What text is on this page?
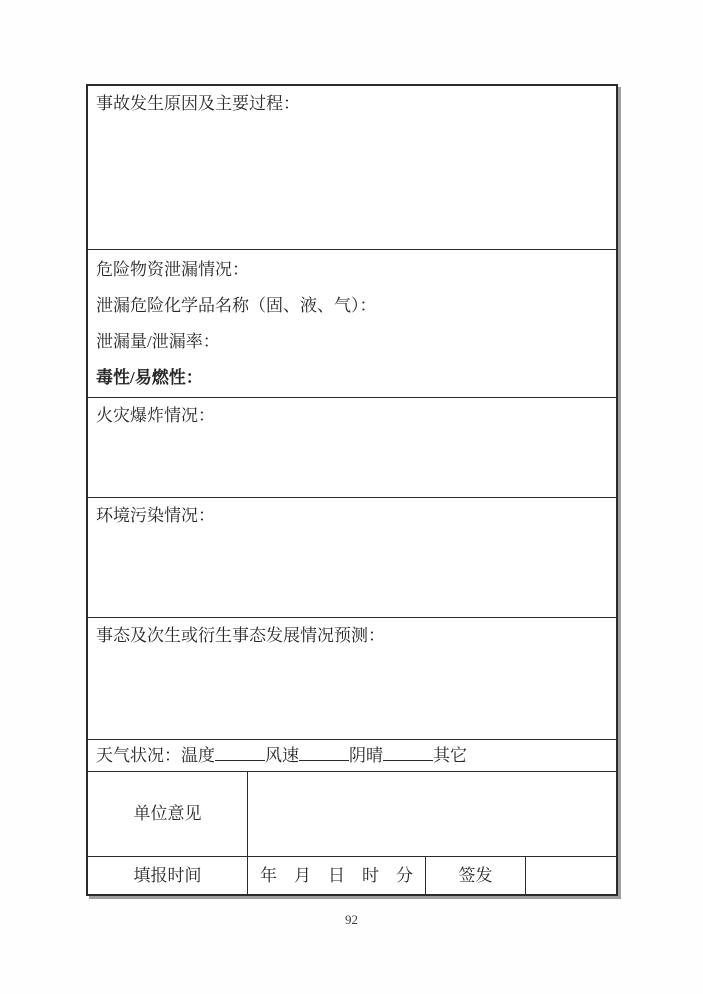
事故发生原因及主要过程：
危险物资泄漏情况：
泄漏危险化学品名称（固、液、气）：
泄漏量/泄漏率：
毒性/易燃性：
火灾爆炸情况：
环境污染情况：
事态及次生或衍生事态发展情况预测：
天气状况：温度	风速	阴晴	其它
单位意见
填报时间	年　月　日　时　分	签发
92
